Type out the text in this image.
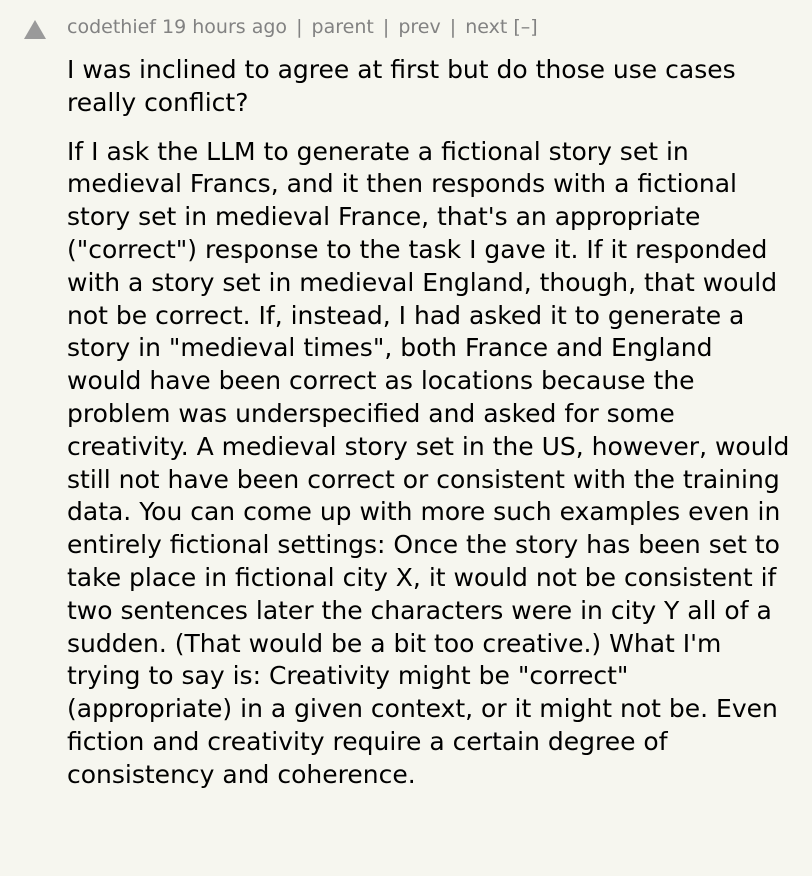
codethief 19 hours ago | parent | prev | next [–]

I was inclined to agree at first but do those use cases really conflict?

If I ask the LLM to generate a fictional story set in medieval Francs, and it then responds with a fictional story set in medieval France, that's an appropriate ("correct") response to the task I gave it. If it responded with a story set in medieval England, though, that would not be correct. If, instead, I had asked it to generate a story in "medieval times", both France and England would have been correct as locations because the problem was underspecified and asked for some creativity. A medieval story set in the US, however, would still not have been correct or consistent with the training data. You can come up with more such examples even in entirely fictional settings: Once the story has been set to take place in fictional city X, it would not be consistent if two sentences later the characters were in city Y all of a sudden. (That would be a bit too creative.) What I'm trying to say is: Creativity might be "correct" (appropriate) in a given context, or it might not be. Even fiction and creativity require a certain degree of consistency and coherence.
